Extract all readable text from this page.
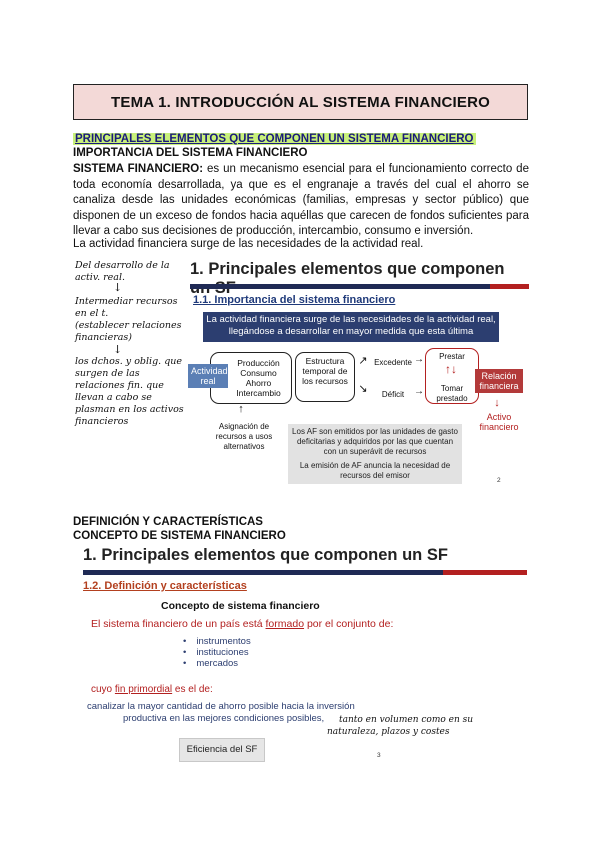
TEMA 1. INTRODUCCIÓN AL SISTEMA FINANCIERO
PRINCIPALES ELEMENTOS QUE COMPONEN UN SISTEMA FINANCIERO
IMPORTANCIA DEL SISTEMA FINANCIERO
SISTEMA FINANCIERO: es un mecanismo esencial para el funcionamiento correcto de toda economía desarrollada, ya que es el engranaje a través del cual el ahorro se canaliza desde las unidades económicas (familias, empresas y sector público) que disponen de un exceso de fondos hacia aquéllas que carecen de fondos suficientes para llevar a cabo sus decisiones de producción, intercambio, consumo e inversión.
La actividad financiera surge de las necesidades de la actividad real.
Del desarrollo de la activ. real.
↓
Intermediar recursos en el t.
(establecer relaciones financieras)
↓
los dchos. y oblig. que surgen de las relaciones fin. que llevan a cabo se plasman en los activos financieros
1. Principales elementos que componen
1.1. Importancia del sistema financiero
La actividad financiera surge de las necesidades de la actividad real,
llegándose a desarrollar en mayor medida que esta última
Actividad real
Producción
Consumo
Ahorro
Intercambio
Estructura temporal de los recursos
↗
↘
Excedente
Déficit
→
→
Prestar
↑↓
Tomar prestado
Relación financiera
↓
Activo financiero
↑
Asignación de recursos a usos alternativos
Los AF son emitidos por las unidades de gasto deficitarias y adquiridos por las que cuentan con un superávit de recursos
La emisión de AF anuncia la necesidad de recursos del emisor
2
DEFINICIÓN Y CARACTERÍSTICAS
CONCEPTO DE SISTEMA FINANCIERO
1. Principales elementos que componen un SF
1.2. Definición y características
Concepto de sistema financiero
El sistema financiero de un país está formado por el conjunto de:
• instrumentos
• instituciones
• mercados
cuyo fin primordial es el de:
canalizar la mayor cantidad de ahorro posible hacia la inversión
productiva en las mejores condiciones posibles, tanto en volumen como en su
naturaleza, plazos y costes
Eficiencia del SF
3
